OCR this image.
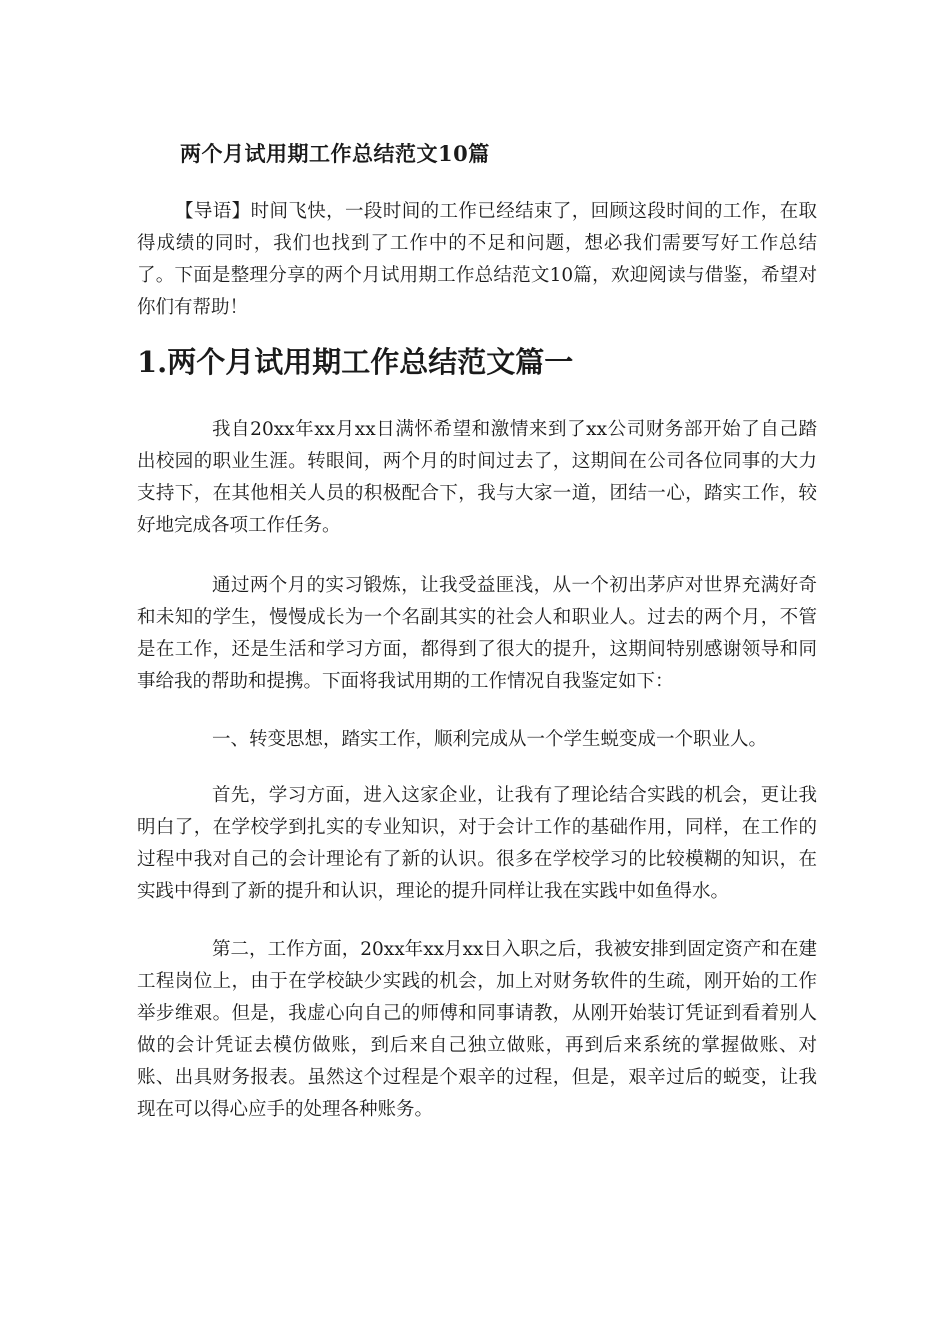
两个月试用期工作总结范文10篇

【导语】时间飞快，一段时间的工作已经结束了，回顾这段时间的工作，在取得成绩的同时，我们也找到了工作中的不足和问题，想必我们需要写好工作总结了。下面是整理分享的两个月试用期工作总结范文10篇，欢迎阅读与借鉴，希望对你们有帮助！

1.两个月试用期工作总结范文篇一

我自20xx年xx月xx日满怀希望和激情来到了xx公司财务部开始了自己踏出校园的职业生涯。转眼间，两个月的时间过去了，这期间在公司各位同事的大力支持下，在其他相关人员的积极配合下，我与大家一道，团结一心，踏实工作，较好地完成各项工作任务。

通过两个月的实习锻炼，让我受益匪浅，从一个初出茅庐对世界充满好奇和未知的学生，慢慢成长为一个名副其实的社会人和职业人。过去的两个月，不管是在工作，还是生活和学习方面，都得到了很大的提升，这期间特别感谢领导和同事给我的帮助和提携。下面将我试用期的工作情况自我鉴定如下：

一、转变思想，踏实工作，顺利完成从一个学生蜕变成一个职业人。

首先，学习方面，进入这家企业，让我有了理论结合实践的机会，更让我明白了，在学校学到扎实的专业知识，对于会计工作的基础作用，同样，在工作的过程中我对自己的会计理论有了新的认识。很多在学校学习的比较模糊的知识，在实践中得到了新的提升和认识，理论的提升同样让我在实践中如鱼得水。

第二，工作方面，20xx年xx月xx日入职之后，我被安排到固定资产和在建工程岗位上，由于在学校缺少实践的机会，加上对财务软件的生疏，刚开始的工作举步维艰。但是，我虚心向自己的师傅和同事请教，从刚开始装订凭证到看着别人做的会计凭证去模仿做账，到后来自己独立做账，再到后来系统的掌握做账、对账、出具财务报表。虽然这个过程是个艰辛的过程，但是，艰辛过后的蜕变，让我现在可以得心应手的处理各种账务。
